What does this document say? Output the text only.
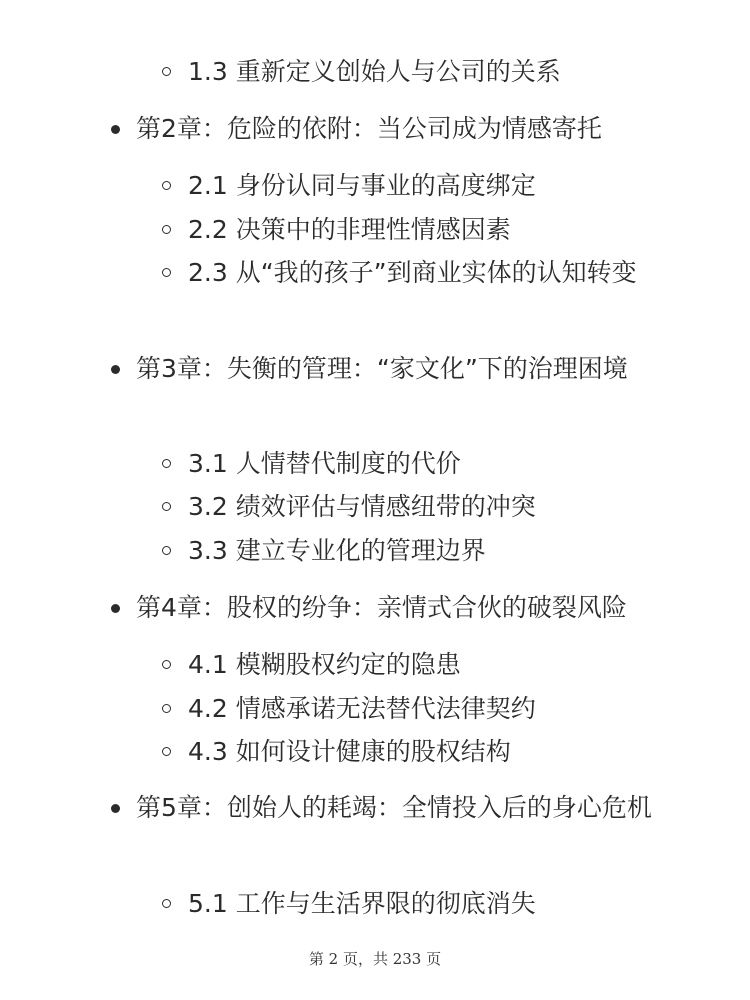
1.3 重新定义创始人与公司的关系
第2章：危险的依附：当公司成为情感寄托
2.1 身份认同与事业的高度绑定
2.2 决策中的非理性情感因素
2.3 从“我的孩子”到商业实体的认知转变
第3章：失衡的管理：“家文化”下的治理困境
3.1 人情替代制度的代价
3.2 绩效评估与情感纽带的冲突
3.3 建立专业化的管理边界
第4章：股权的纷争：亲情式合伙的破裂风险
4.1 模糊股权约定的隐患
4.2 情感承诺无法替代法律契约
4.3 如何设计健康的股权结构
第5章：创始人的耗竭：全情投入后的身心危机
5.1 工作与生活界限的彻底消失
第 2 页，共 233 页
